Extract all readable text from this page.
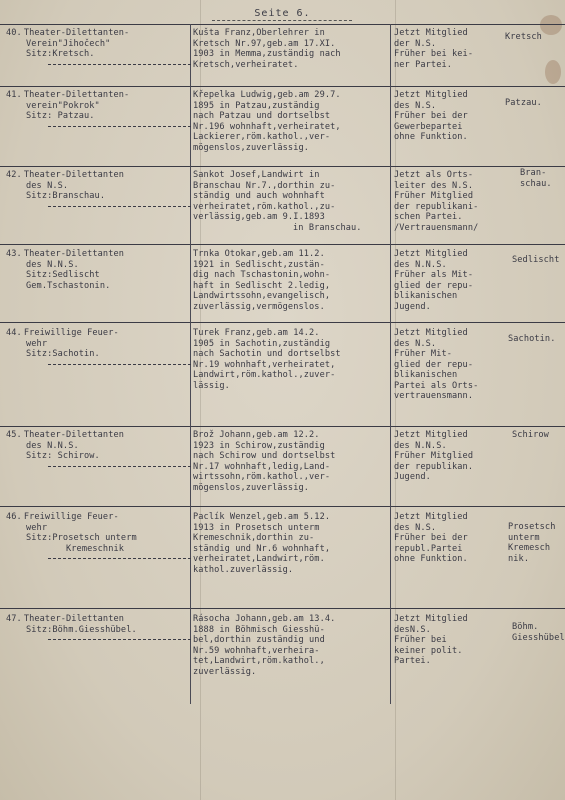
Seite 6.
40. Theater-Dilettanten-
Verein"Jihočech"
Sitz:Kretsch.
Kušta Franz,Oberlehrer in
Kretsch Nr.97,geb.am 17.XI.
1903 in Memma,zuständig nach
Kretsch,verheiratet.
Jetzt Mitglied
der N.S.
Früher bei kei-
ner Partei.
Kretsch
41. Theater-Dilettanten-
verein"Pokrok"
Sitz: Patzau.
Křepelka Ludwig,geb.am 29.7.
1895 in Patzau,zuständig
nach Patzau und dortselbst
Nr.196 wohnhaft,verheiratet,
Lackierer,röm.kathol.,ver-
mögenslos,zuverlässig.
Jetzt Mitglied
des N.S.
Früher bei der
Gewerbepartei
ohne Funktion.
Patzau.
42. Theater-Dilettanten
des N.S.
Sitz:Branschau.
Sankot Josef,Landwirt in
Branschau Nr.7.,dorthin zu-
ständig und auch wohnhaft
verheiratet,röm.kathol.,zu-
verlässig,geb.am 9.I.1893
in Branschau.
Jetzt als Orts-
leiter des N.S.
Früher Mitglied
der republikani-
schen Partei.
/Vertrauensmann/
Bran-
schau.
43. Theater-Dilettanten
des N.N.S.
Sitz:Sedlischt
Gem.Tschastonin.
Trnka Otokar,geb.am 11.2.
1921 in Sedlischt,zustän-
dig nach Tschastonin,wohn-
haft in Sedlischt 2.ledig,
Landwirtssohn,evangelisch,
zuverlässig,vermögenslos.
Jetzt Mitglied
des N.N.S.
Früher als Mit-
glied der repu-
blikanischen
Jugend.
Sedlischt
44. Freiwillige Feuer-
wehr
Sitz:Sachotin.
Turek Franz,geb.am 14.2.
1905 in Sachotin,zuständig
nach Sachotin und dortselbst
Nr.19 wohnhaft,verheiratet,
Landwirt,röm.kathol.,zuver-
lässig.
Jetzt Mitglied
des N.S.
Früher Mit-
glied der repu-
blikanischen
Partei als Orts-
vertrauensmann.
Sachotin.
45. Theater-Dilettanten
des N.N.S.
Sitz: Schirow.
Brož Johann,geb.am 12.2.
1923 in Schirow,zuständig
nach Schirow und dortselbst
Nr.17 wohnhaft,ledig,Land-
wirtssohn,röm.kathol.,ver-
mögenslos,zuverlässig.
Jetzt Mitglied
des N.N.S.
Früher Mitglied
der republikan.
Jugend.
Schirow
46. Freiwillige Feuer-
wehr
Sitz:Prosetsch unterm
Kremeschnik
Paclík Wenzel,geb.am 5.12.
1913 in Prosetsch unterm
Kremeschnik,dorthin zu-
ständig und Nr.6 wohnhaft,
verheiratet,Landwirt,röm.
kathol.zuverlässig.
Jetzt Mitglied
des N.S.
Früher bei der
republ.Partei
ohne Funktion.
Prosetsch
unterm
Kremesch
nik.
47. Theater-Dilettanten
Sitz:Böhm.Giesshübel.
Rásocha Johann,geb.am 13.4.
1888 in Böhmisch Giesshü-
bel,dorthin zuständig und
Nr.59 wohnhaft,verheira-
tet,Landwirt,röm.kathol.,
zuverlässig.
Jetzt Mitglied
desN.S.
Früher bei
keiner polit.
Partei.
Böhm.
Giesshübel
